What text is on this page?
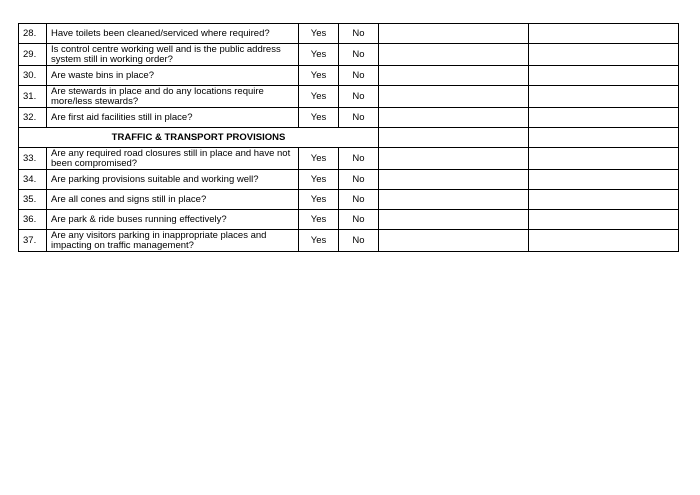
28.	Have toilets been cleaned/serviced where required?	Yes	No		
29.	Is control centre working well and is the public address system still in working order?	Yes	No		
30.	Are waste bins in place?	Yes	No		
31.	Are stewards in place and do any locations require more/less stewards?	Yes	No		
32.	Are first aid facilities still in place?	Yes	No		
TRAFFIC & TRANSPORT PROVISIONS					
33.	Are any required road closures still in place and have not been compromised?	Yes	No		
34.	Are parking provisions suitable and working well?	Yes	No		
35.	Are all cones and signs still in place?	Yes	No		
36.	Are park & ride buses running effectively?	Yes	No		
37.	Are any visitors parking in inappropriate places and impacting on traffic management?	Yes	No		
